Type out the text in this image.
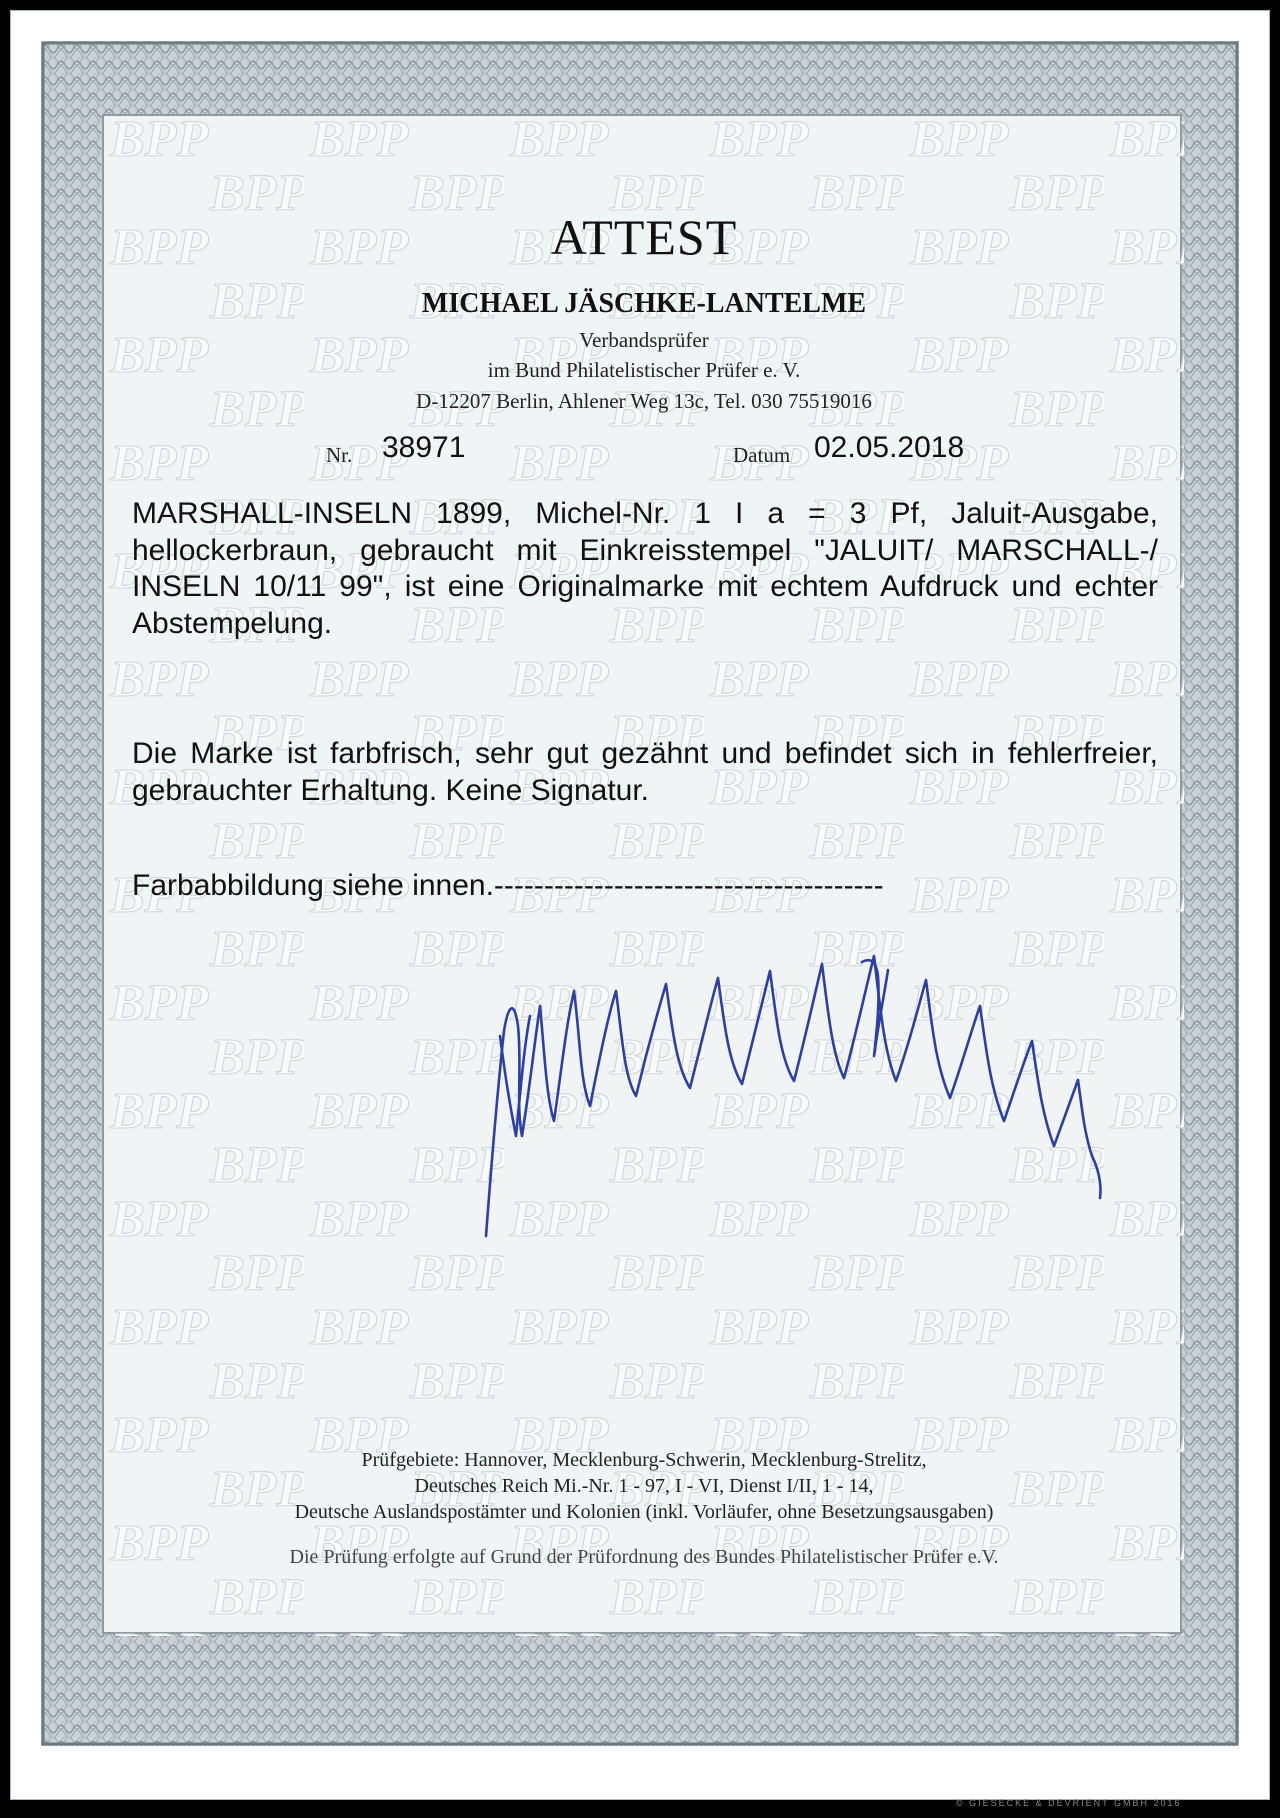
ATTEST
MICHAEL JÄSCHKE-LANTELME
Verbandsprüfer
im Bund Philatelistischer Prüfer e. V.
D-12207 Berlin, Ahlener Weg 13c, Tel. 030 75519016
Nr. 38971	Datum 02.05.2018

MARSHALL-INSELN 1899, Michel-Nr. 1 I a = 3 Pf, Jaluit-Ausgabe, hellockerbraun, gebraucht mit Einkreisstempel "JALUIT/ MARSCHALL-/ INSELN 10/11 99", ist eine Originalmarke mit echtem Aufdruck und echter Abstempelung.

Die Marke ist farbfrisch, sehr gut gezähnt und befindet sich in fehlerfreier, gebrauchter Erhaltung. Keine Signatur.

Farbabbildung siehe innen.---------------------------------------
Prüfgebiete: Hannover, Mecklenburg-Schwerin, Mecklenburg-Strelitz,
Deutsches Reich Mi.-Nr. 1 - 97, I - VI, Dienst I/II, 1 - 14,
Deutsche Auslandspostämter und Kolonien (inkl. Vorläufer, ohne Besetzungsausgaben)
Die Prüfung erfolgte auf Grund der Prüfordnung des Bundes Philatelistischer Prüfer e.V.
© GIESECKE & DEVRIENT GMBH 2016
